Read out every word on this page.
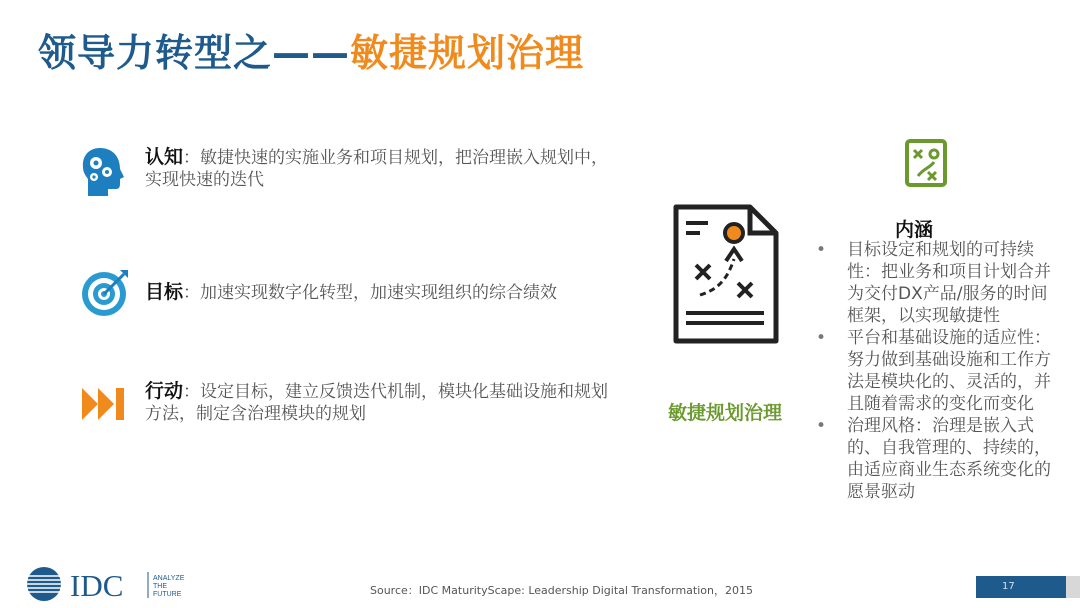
领导力转型之——敏捷规划治理
认知：敏捷快速的实施业务和项目规划，把治理嵌入规划中，实现快速的迭代
目标：加速实现数字化转型，加速实现组织的综合绩效
行动：设定目标，建立反馈迭代机制，模块化基础设施和规划方法，制定含治理模块的规划	敏捷规划治理
内涵
• 目标设定和规划的可持续性：把业务和项目计划合并为交付DX产品/服务的时间框架，以实现敏捷性
• 平台和基础设施的适应性：努力做到基础设施和工作方法是模块化的、灵活的，并且随着需求的变化而变化
• 治理风格：治理是嵌入式的、自我管理的、持续的，由适应商业生态系统变化的愿景驱动
IDC	ANALYZE
THE
FUTURE	Source：IDC MaturityScape: Leadership Digital Transformation，2015	17
